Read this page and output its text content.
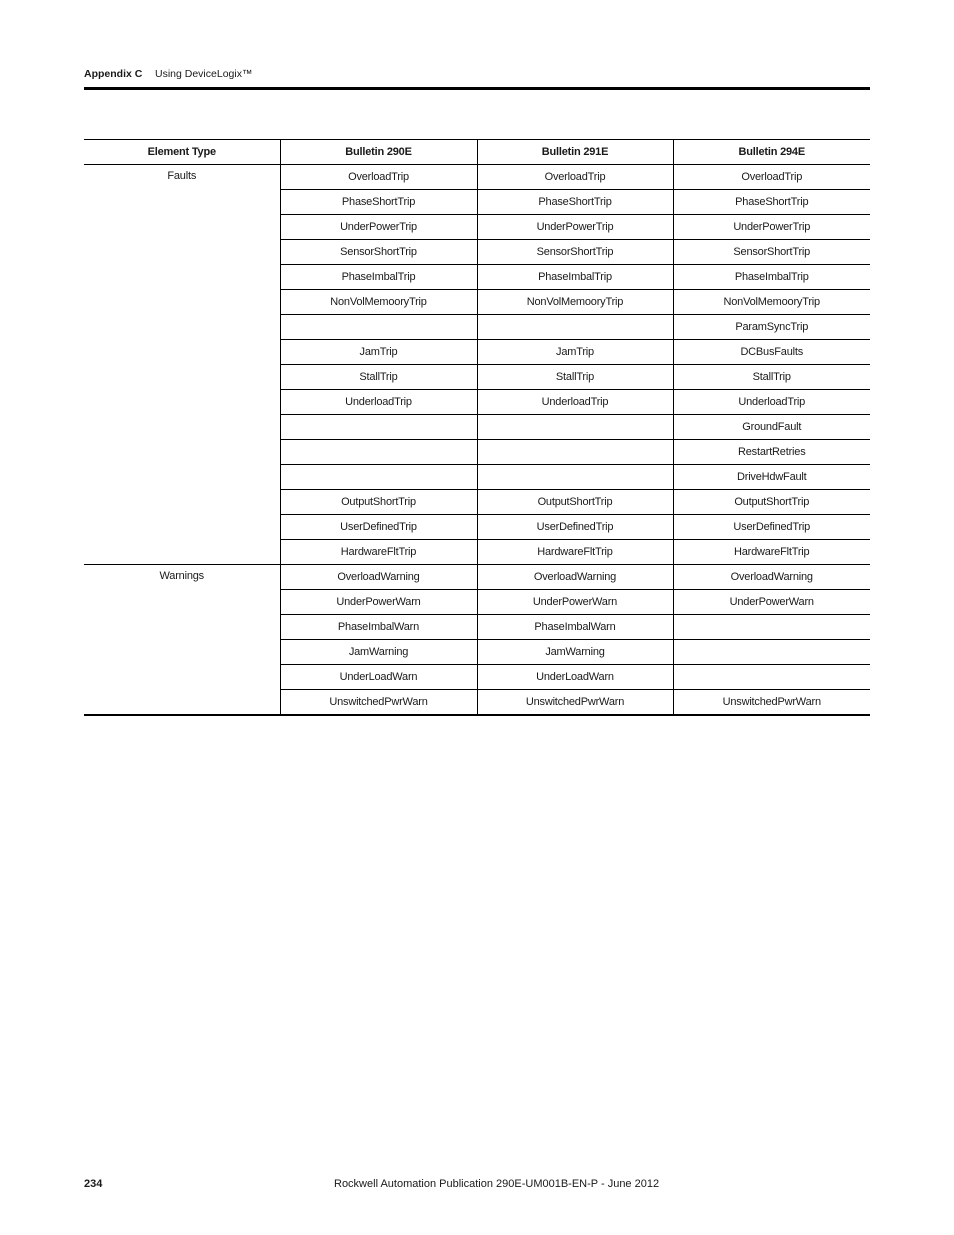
Appendix C Using DeviceLogix™
Element Type	Bulletin 290E	Bulletin 291E	Bulletin 294E
Faults	OverloadTrip	OverloadTrip	OverloadTrip
	PhaseShortTrip	PhaseShortTrip	PhaseShortTrip
	UnderPowerTrip	UnderPowerTrip	UnderPowerTrip
	SensorShortTrip	SensorShortTrip	SensorShortTrip
	PhaseImbalTrip	PhaseImbalTrip	PhaseImbalTrip
	NonVolMemooryTrip	NonVolMemooryTrip	NonVolMemooryTrip
			ParamSyncTrip
	JamTrip	JamTrip	DCBusFaults
	StallTrip	StallTrip	StallTrip
	UnderloadTrip	UnderloadTrip	UnderloadTrip
			GroundFault
			RestartRetries
			DriveHdwFault
	OutputShortTrip	OutputShortTrip	OutputShortTrip
	UserDefinedTrip	UserDefinedTrip	UserDefinedTrip
	HardwareFltTrip	HardwareFltTrip	HardwareFltTrip
Warnings	OverloadWarning	OverloadWarning	OverloadWarning
	UnderPowerWarn	UnderPowerWarn	UnderPowerWarn
	PhaseImbalWarn	PhaseImbalWarn	
	JamWarning	JamWarning	
	UnderLoadWarn	UnderLoadWarn	
	UnswitchedPwrWarn	UnswitchedPwrWarn	UnswitchedPwrWarn
234	Rockwell Automation Publication 290E-UM001B-EN-P - June 2012
